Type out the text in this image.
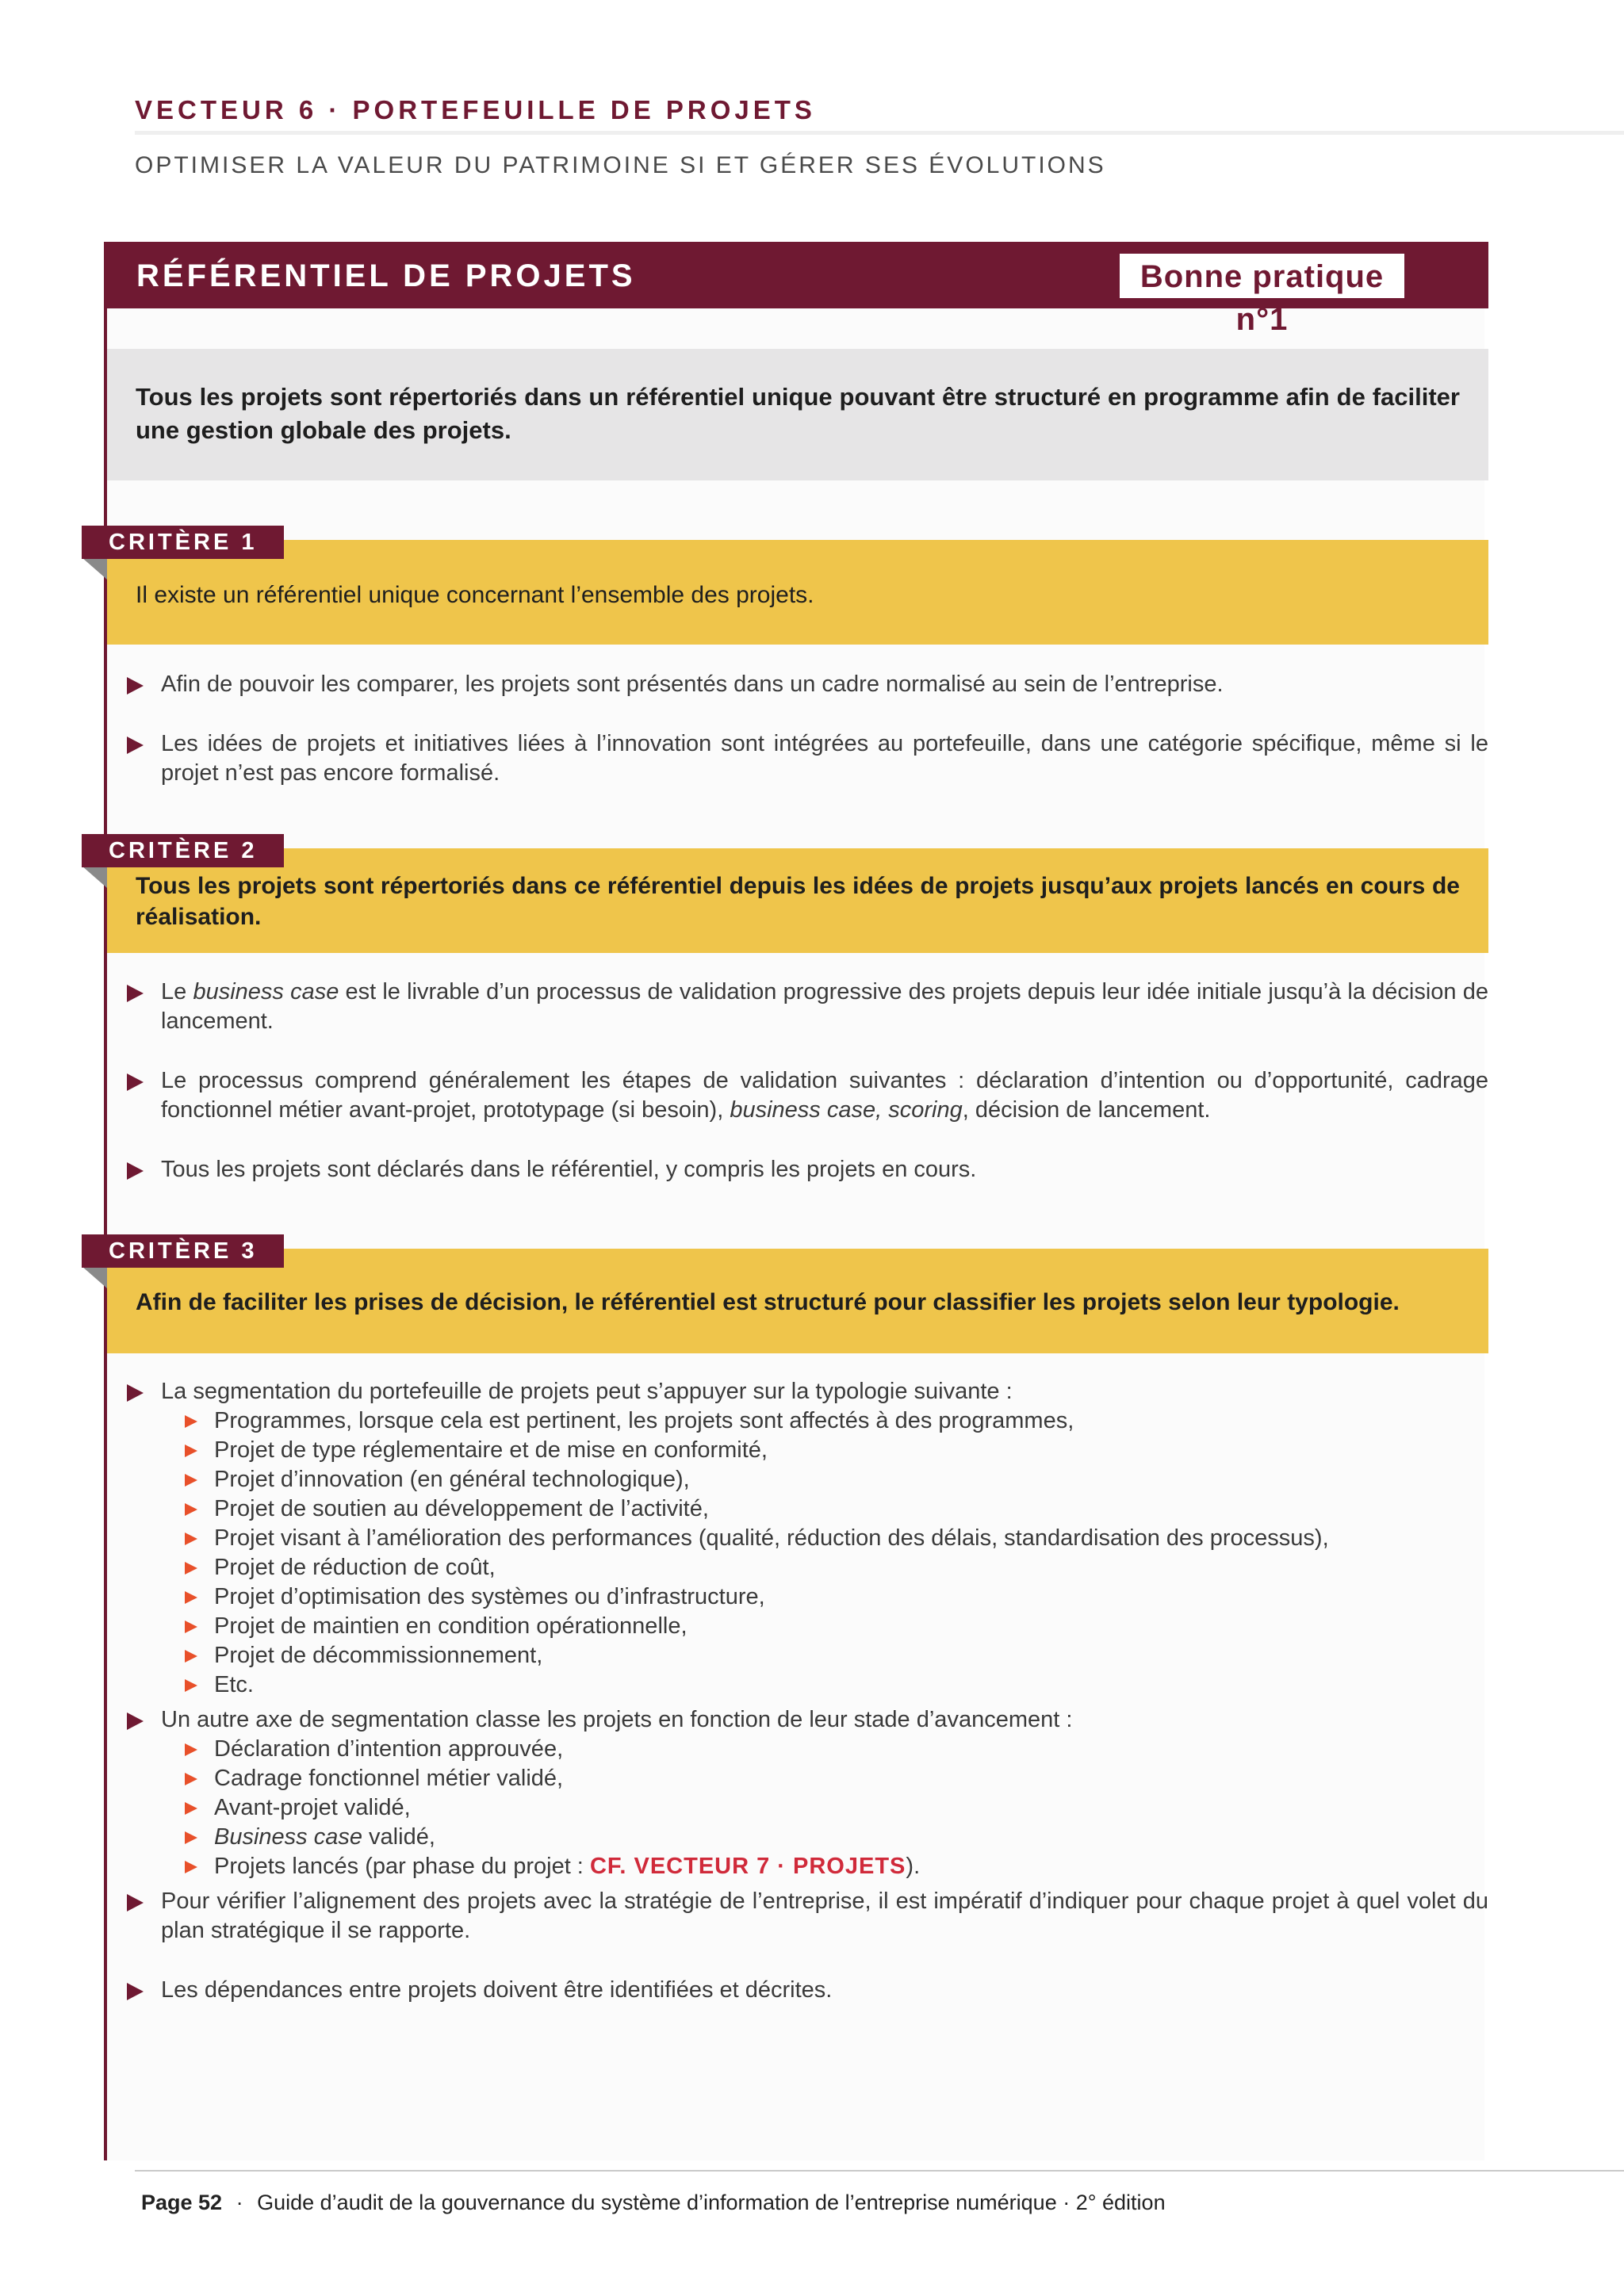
VECTEUR 6 · PORTEFEUILLE DE PROJETS
OPTIMISER LA VALEUR DU PATRIMOINE SI ET GÉRER SES ÉVOLUTIONS
RÉFÉRENTIEL DE PROJETS	Bonne pratique n°1

Tous les projets sont répertoriés dans un référentiel unique pouvant être structuré en programme afin de faciliter une gestion globale des projets.

Il existe un référentiel unique concernant l’ensemble des projets.

CRITÈRE 1
Afin de pouvoir les comparer, les projets sont présentés dans un cadre normalisé au sein de l’entreprise.
Les idées de projets et initiatives liées à l’innovation sont intégrées au portefeuille, dans une catégorie spécifique, même si le projet n’est pas encore formalisé.

Tous les projets sont répertoriés dans ce référentiel depuis les idées de projets jusqu’aux projets lancés en cours de réalisation.

CRITÈRE 2
Le business case est le livrable d’un processus de validation progressive des projets depuis leur idée initiale jusqu’à la décision de lancement.
Le processus comprend généralement les étapes de validation suivantes : déclaration d’intention ou d’opportunité, cadrage fonctionnel métier avant-projet, prototypage (si besoin), business case, scoring, décision de lancement.
Tous les projets sont déclarés dans le référentiel, y compris les projets en cours.

Afin de faciliter les prises de décision, le référentiel est structuré pour classifier les projets selon leur typologie.

CRITÈRE 3
La segmentation du portefeuille de projets peut s’appuyer sur la typologie suivante :
Programmes, lorsque cela est pertinent, les projets sont affectés à des programmes,
Projet de type réglementaire et de mise en conformité,
Projet d’innovation (en général technologique),
Projet de soutien au développement de l’activité,
Projet visant à l’amélioration des performances (qualité, réduction des délais, standardisation des processus),
Projet de réduction de coût,
Projet d’optimisation des systèmes ou d’infrastructure,
Projet de maintien en condition opérationnelle,
Projet de décommissionnement,
Etc.
Un autre axe de segmentation classe les projets en fonction de leur stade d’avancement :
Déclaration d’intention approuvée,
Cadrage fonctionnel métier validé,
Avant-projet validé,
Business case validé,
Projets lancés (par phase du projet : CF. VECTEUR 7 · PROJETS).
Pour vérifier l’alignement des projets avec la stratégie de l’entreprise, il est impératif d’indiquer pour chaque projet à quel volet du plan stratégique il se rapporte.
Les dépendances entre projets doivent être identifiées et décrites.
Page 52 · Guide d’audit de la gouvernance du système d’information de l’entreprise numérique · 2° édition
